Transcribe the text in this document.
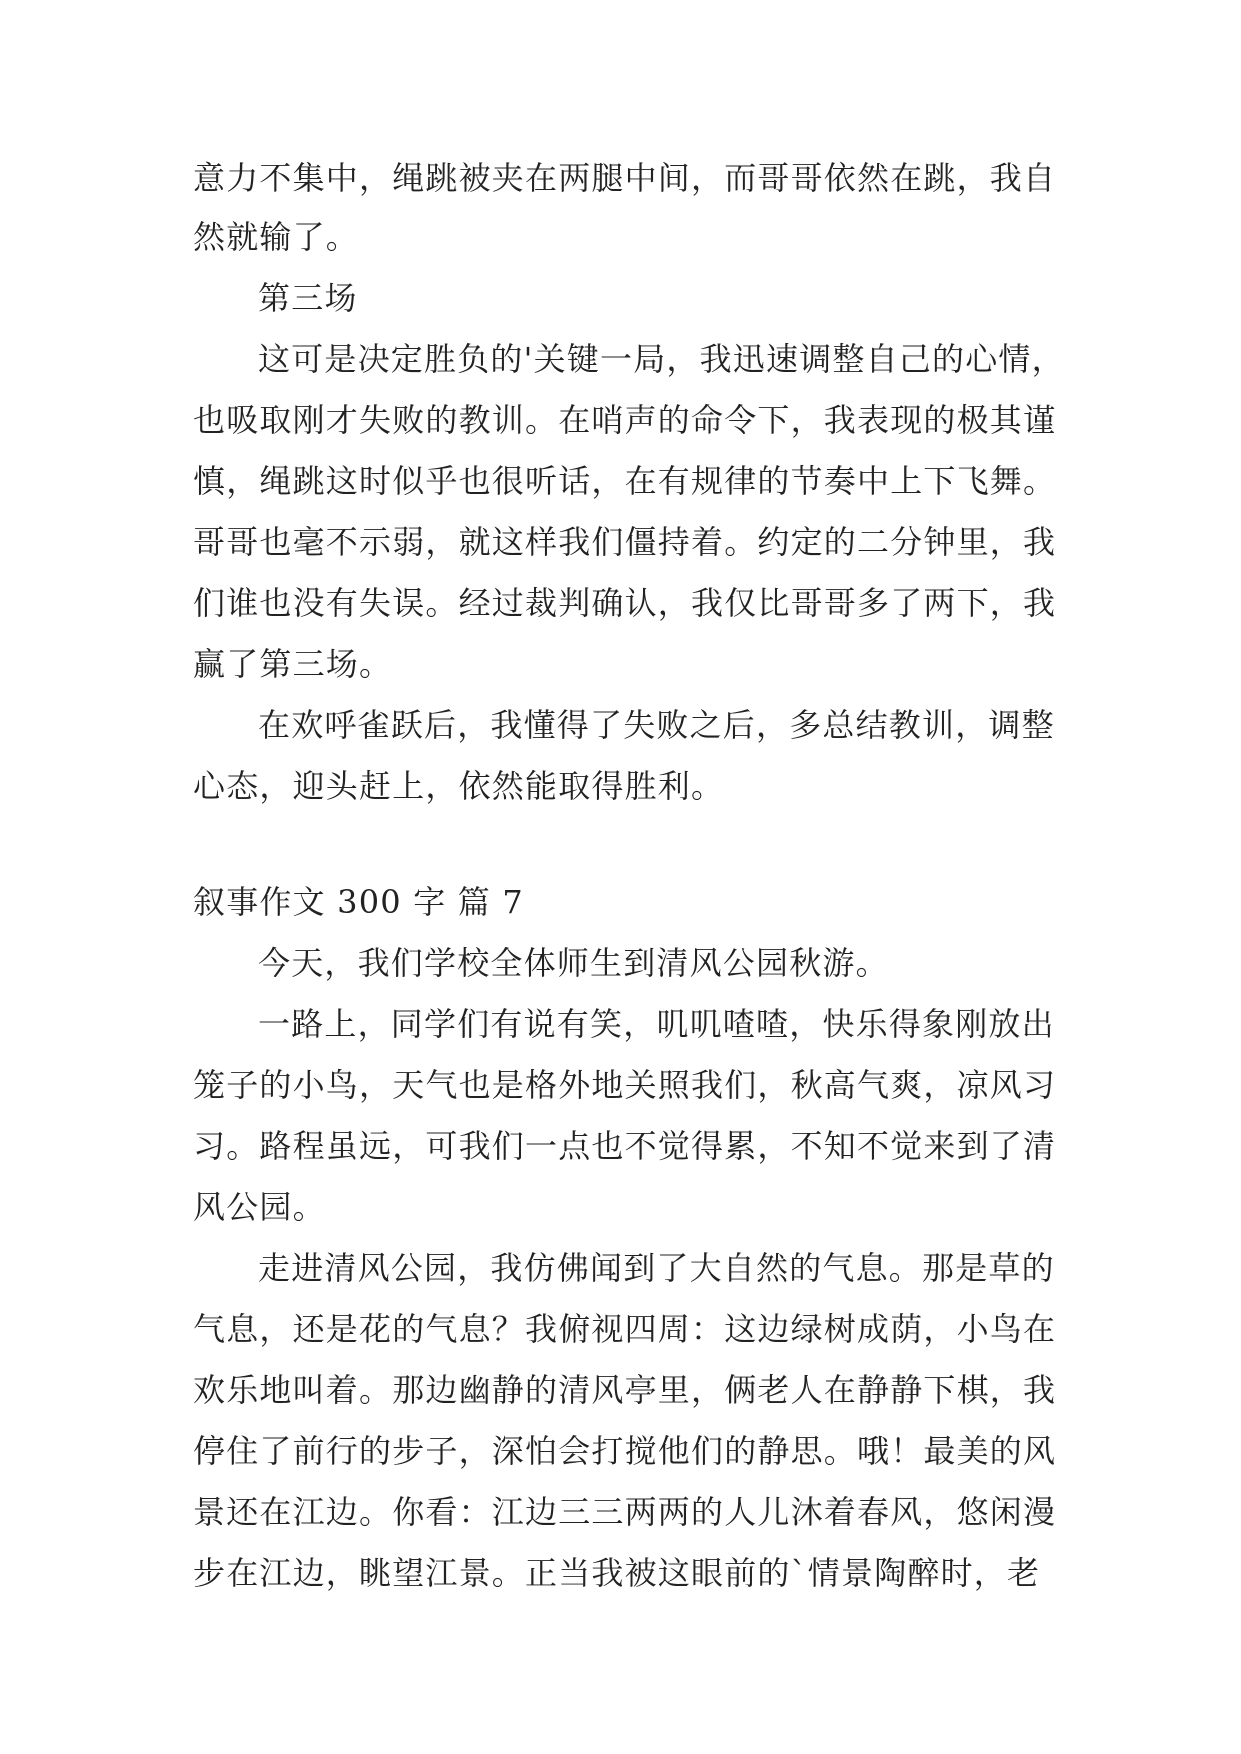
意力不集中，绳跳被夹在两腿中间，而哥哥依然在跳，我自
然就输了。
第三场
这可是决定胜负的'关键一局，我迅速调整自己的心情，
也吸取刚才失败的教训。在哨声的命令下，我表现的极其谨
慎，绳跳这时似乎也很听话，在有规律的节奏中上下飞舞。
哥哥也毫不示弱，就这样我们僵持着。约定的二分钟里，我
们谁也没有失误。经过裁判确认，我仅比哥哥多了两下，我
赢了第三场。
在欢呼雀跃后，我懂得了失败之后，多总结教训，调整
心态，迎头赶上，依然能取得胜利。
叙事作文 300 字 篇 7
今天，我们学校全体师生到清风公园秋游。
一路上，同学们有说有笑，叽叽喳喳，快乐得象刚放出
笼子的小鸟，天气也是格外地关照我们，秋高气爽，凉风习
习。路程虽远，可我们一点也不觉得累，不知不觉来到了清
风公园。
走进清风公园，我仿佛闻到了大自然的气息。那是草的
气息，还是花的气息？我俯视四周：这边绿树成荫，小鸟在
欢乐地叫着。那边幽静的清风亭里，俩老人在静静下棋，我
停住了前行的步子，深怕会打搅他们的静思。哦！最美的风
景还在江边。你看：江边三三两两的人儿沐着春风，悠闲漫
步在江边，眺望江景。正当我被这眼前的`情景陶醉时，老
